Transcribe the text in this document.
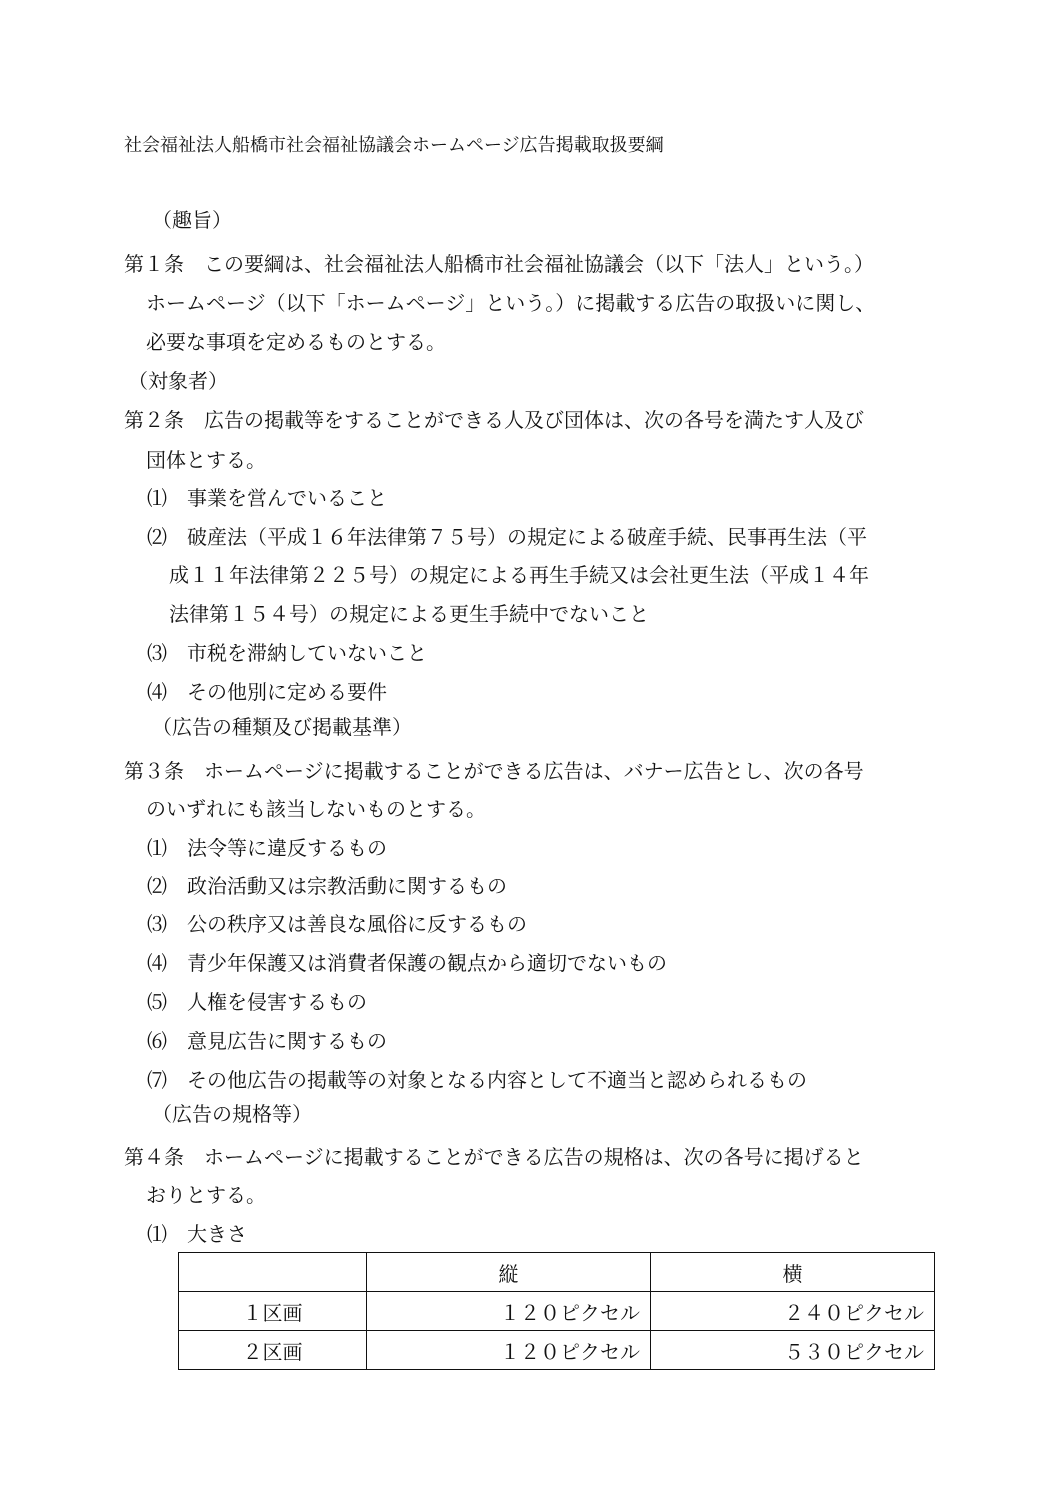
社会福祉法人船橋市社会福祉協議会ホームページ広告掲載取扱要綱
（趣旨）
第１条　この要綱は、社会福祉法人船橋市社会福祉協議会（以下「法人」という。）
ホームページ（以下「ホームページ」という。）に掲載する広告の取扱いに関し、
必要な事項を定めるものとする。
（対象者）
第２条　広告の掲載等をすることができる人及び団体は、次の各号を満たす人及び
団体とする。
⑴　事業を営んでいること
⑵　破産法（平成１６年法律第７５号）の規定による破産手続、民事再生法（平
成１１年法律第２２５号）の規定による再生手続又は会社更生法（平成１４年
法律第１５４号）の規定による更生手続中でないこと
⑶　市税を滞納していないこと
⑷　その他別に定める要件
（広告の種類及び掲載基準）
第３条　ホームページに掲載することができる広告は、バナー広告とし、次の各号
のいずれにも該当しないものとする。
⑴　法令等に違反するもの
⑵　政治活動又は宗教活動に関するもの
⑶　公の秩序又は善良な風俗に反するもの
⑷　青少年保護又は消費者保護の観点から適切でないもの
⑸　人権を侵害するもの
⑹　意見広告に関するもの
⑺　その他広告の掲載等の対象となる内容として不適当と認められるもの
（広告の規格等）
第４条　ホームページに掲載することができる広告の規格は、次の各号に掲げると
おりとする。
⑴　大きさ
	縦	横
１区画	１２０ピクセル	２４０ピクセル
２区画	１２０ピクセル	５３０ピクセル
